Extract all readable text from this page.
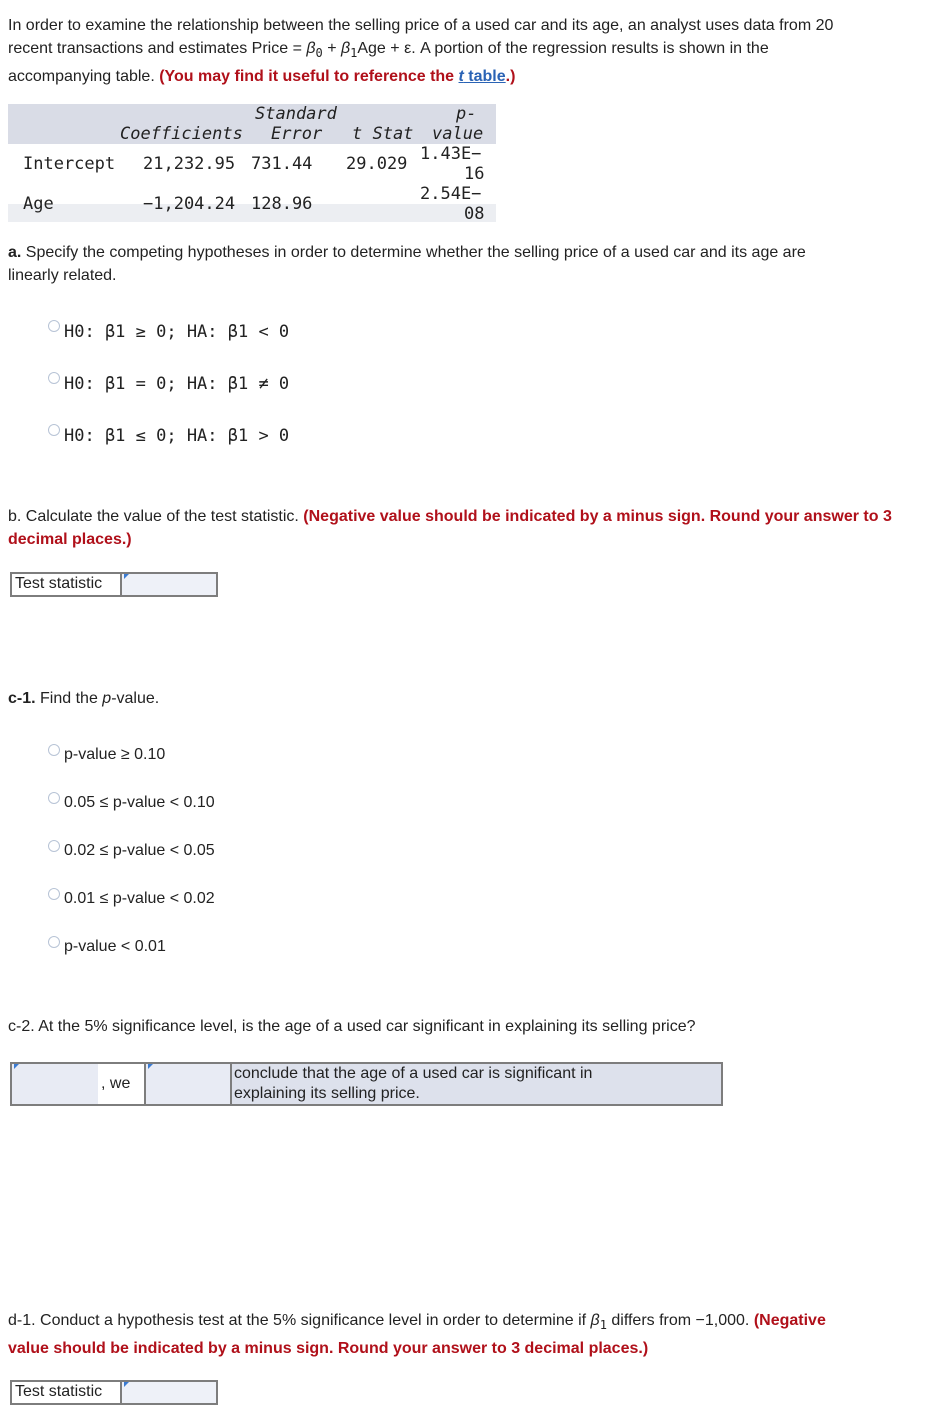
In order to examine the relationship between the selling price of a used car and its age, an analyst uses data from 20
recent transactions and estimates Price = $\beta_0 + \beta_1Age + \varepsilon$. A portion of the regression results is shown in the
accompanying table. (You may find it useful to reference the t table.)
Standard
Coefficients Error t Stat
p-
value
Intercept 21,232.95 731.44 29.029 1.43E−
16
Age	−1,204.24 128.96	2.54E−
08
a. Specify the competing hypotheses in order to determine whether the selling price of a used car and its age are
linearly related.
H0: β1 ≥ 0; HA: β1 < 0
H0: β1 = 0; HA: β1 ≠ 0
H0: β1 ≤ 0; HA: β1 > 0
b. Calculate the value of the test statistic. (Negative value should be indicated by a minus sign. Round your answer to 3 decimal places.)
Test statistic
c-1. Find the p-value.
p-value ≥ 0.10
0.05 ≤ p-value < 0.10
0.02 ≤ p-value < 0.05
0.01 ≤ p-value < 0.02
p-value < 0.01
c-2. At the 5% significance level, is the age of a used car significant in explaining its selling price?
, we
conclude that the age of a used car is significant in
explaining its selling price.
d-1. Conduct a hypothesis test at the 5% significance level in order to determine if $\beta_1$ differs from −1,000. (Negative
value should be indicated by a minus sign. Round your answer to 3 decimal places.)
Test statistic
